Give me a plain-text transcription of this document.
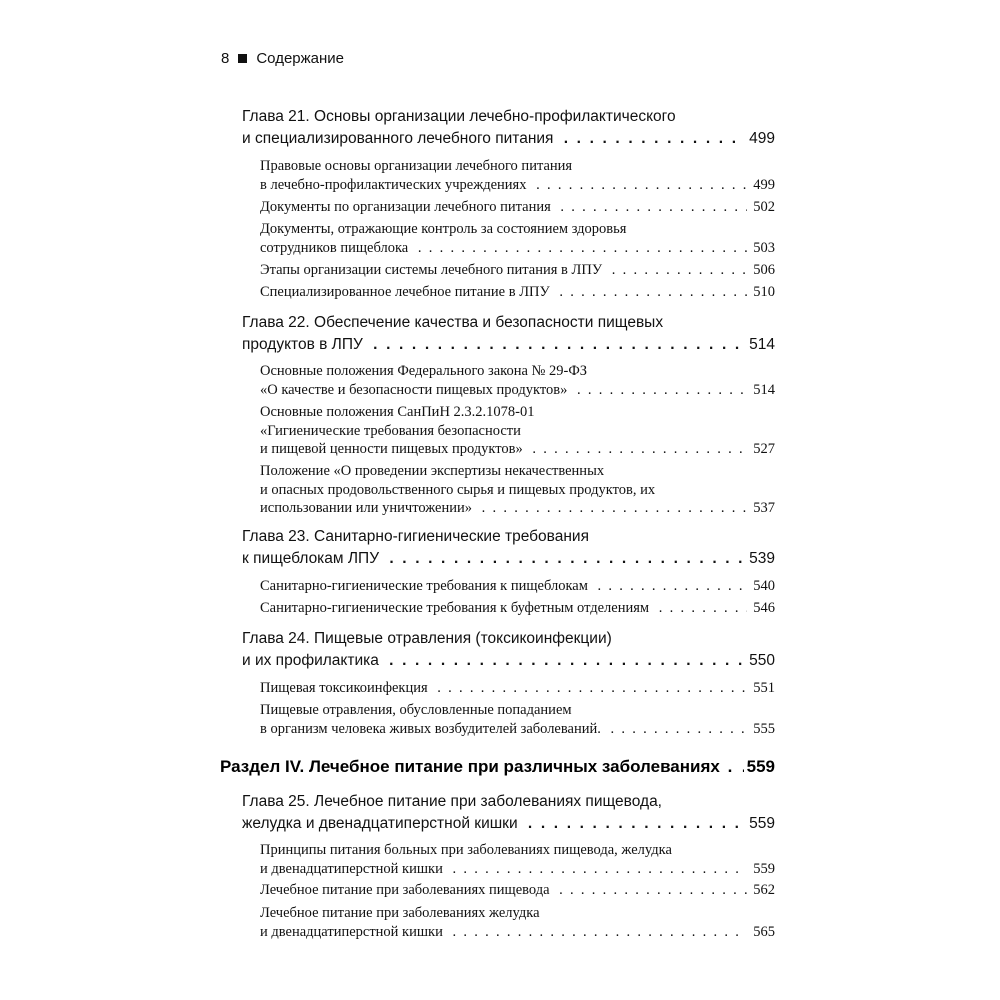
8 Содержание
Глава 21. Основы организации лечебно-профилактического
и специализированного лечебного питания . .	499
Правовые основы организации лечебного питания
в лечебно-профилактических учреждениях . .	499
Документы по организации лечебного питания . .	502
Документы, отражающие контроль за состоянием здоровья
сотрудников пищеблока . .	503
Этапы организации системы лечебного питания в ЛПУ . .	506
Специализированное лечебное питание в ЛПУ . .	510
Глава 22. Обеспечение качества и безопасности пищевых
продуктов в ЛПУ . .	514
Основные положения Федерального закона № 29-ФЗ
«О качестве и безопасности пищевых продуктов» . .	514
Основные положения СанПиН 2.3.2.1078-01
«Гигиенические требования безопасности
и пищевой ценности пищевых продуктов» . .	527
Положение «О проведении экспертизы некачественных
и опасных продовольственного сырья и пищевых продуктов, их
использовании или уничтожении» . .	537
Глава 23. Санитарно-гигиенические требования
к пищеблокам ЛПУ . .	539
Санитарно-гигиенические требования к пищеблокам . .	540
Санитарно-гигиенические требования к буфетным отделениям . .	546
Глава 24. Пищевые отравления (токсикоинфекции)
и их профилактика . .	550
Пищевая токсикоинфекция . .	551
Пищевые отравления, обусловленные попаданием
в организм человека живых возбудителей заболеваний. . .	555
Раздел IV. Лечебное питание при различных заболеваниях . . 559
Глава 25. Лечебное питание при заболеваниях пищевода,
желудка и двенадцатиперстной кишки . .	559
Принципы питания больных при заболеваниях пищевода, желудка
и двенадцатиперстной кишки . .	559
Лечебное питание при заболеваниях пищевода . .	562
Лечебное питание при заболеваниях желудка
и двенадцатиперстной кишки . .	565
